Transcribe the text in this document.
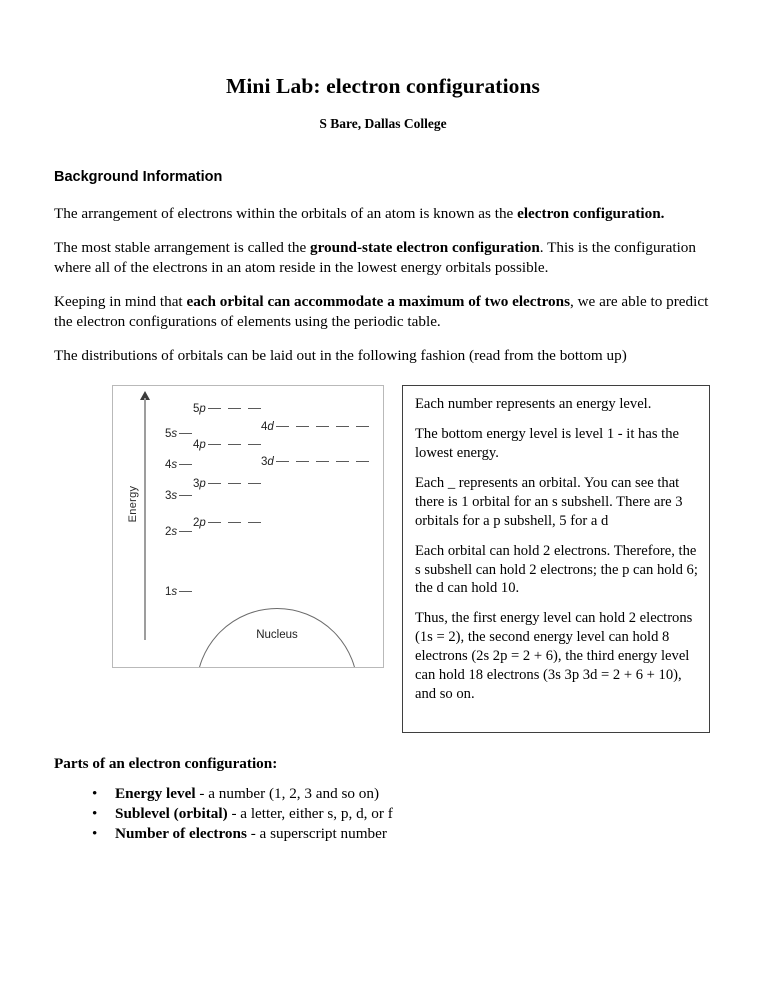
Mini Lab: electron configurations
S Bare, Dallas College
Background Information

The arrangement of electrons within the orbitals of an atom is known as the electron configuration.

The most stable arrangement is called the ground-state electron configuration. This is the configuration where all of the electrons in an atom reside in the lowest energy orbitals possible.

Keeping in mind that each orbital can accommodate a maximum of two electrons, we are able to predict the electron configurations of elements using the periodic table.

The distributions of orbitals can be laid out in the following fashion (read from the bottom up)

Energy
5p
4d
5s
4p
3d
4s
3p
3s
2p
2s
1s
Nucleus

Each number represents an energy level.

The bottom energy level is level 1 - it has the lowest energy.

Each _ represents an orbital. You can see that there is 1 orbital for an s subshell. There are 3 orbitals for a p subshell, 5 for a d

Each orbital can hold 2 electrons. Therefore, the s subshell can hold 2 electrons; the p can hold 6; the d can hold 10.

Thus, the first energy level can hold 2 electrons (1s = 2), the second energy level can hold 8 electrons (2s 2p = 2 + 6), the third energy level can hold 18 electrons (3s 3p 3d = 2 + 6 + 10), and so on.

Parts of an electron configuration:
• Energy level - a number (1, 2, 3 and so on)
• Sublevel (orbital) - a letter, either s, p, d, or f
• Number of electrons - a superscript number
